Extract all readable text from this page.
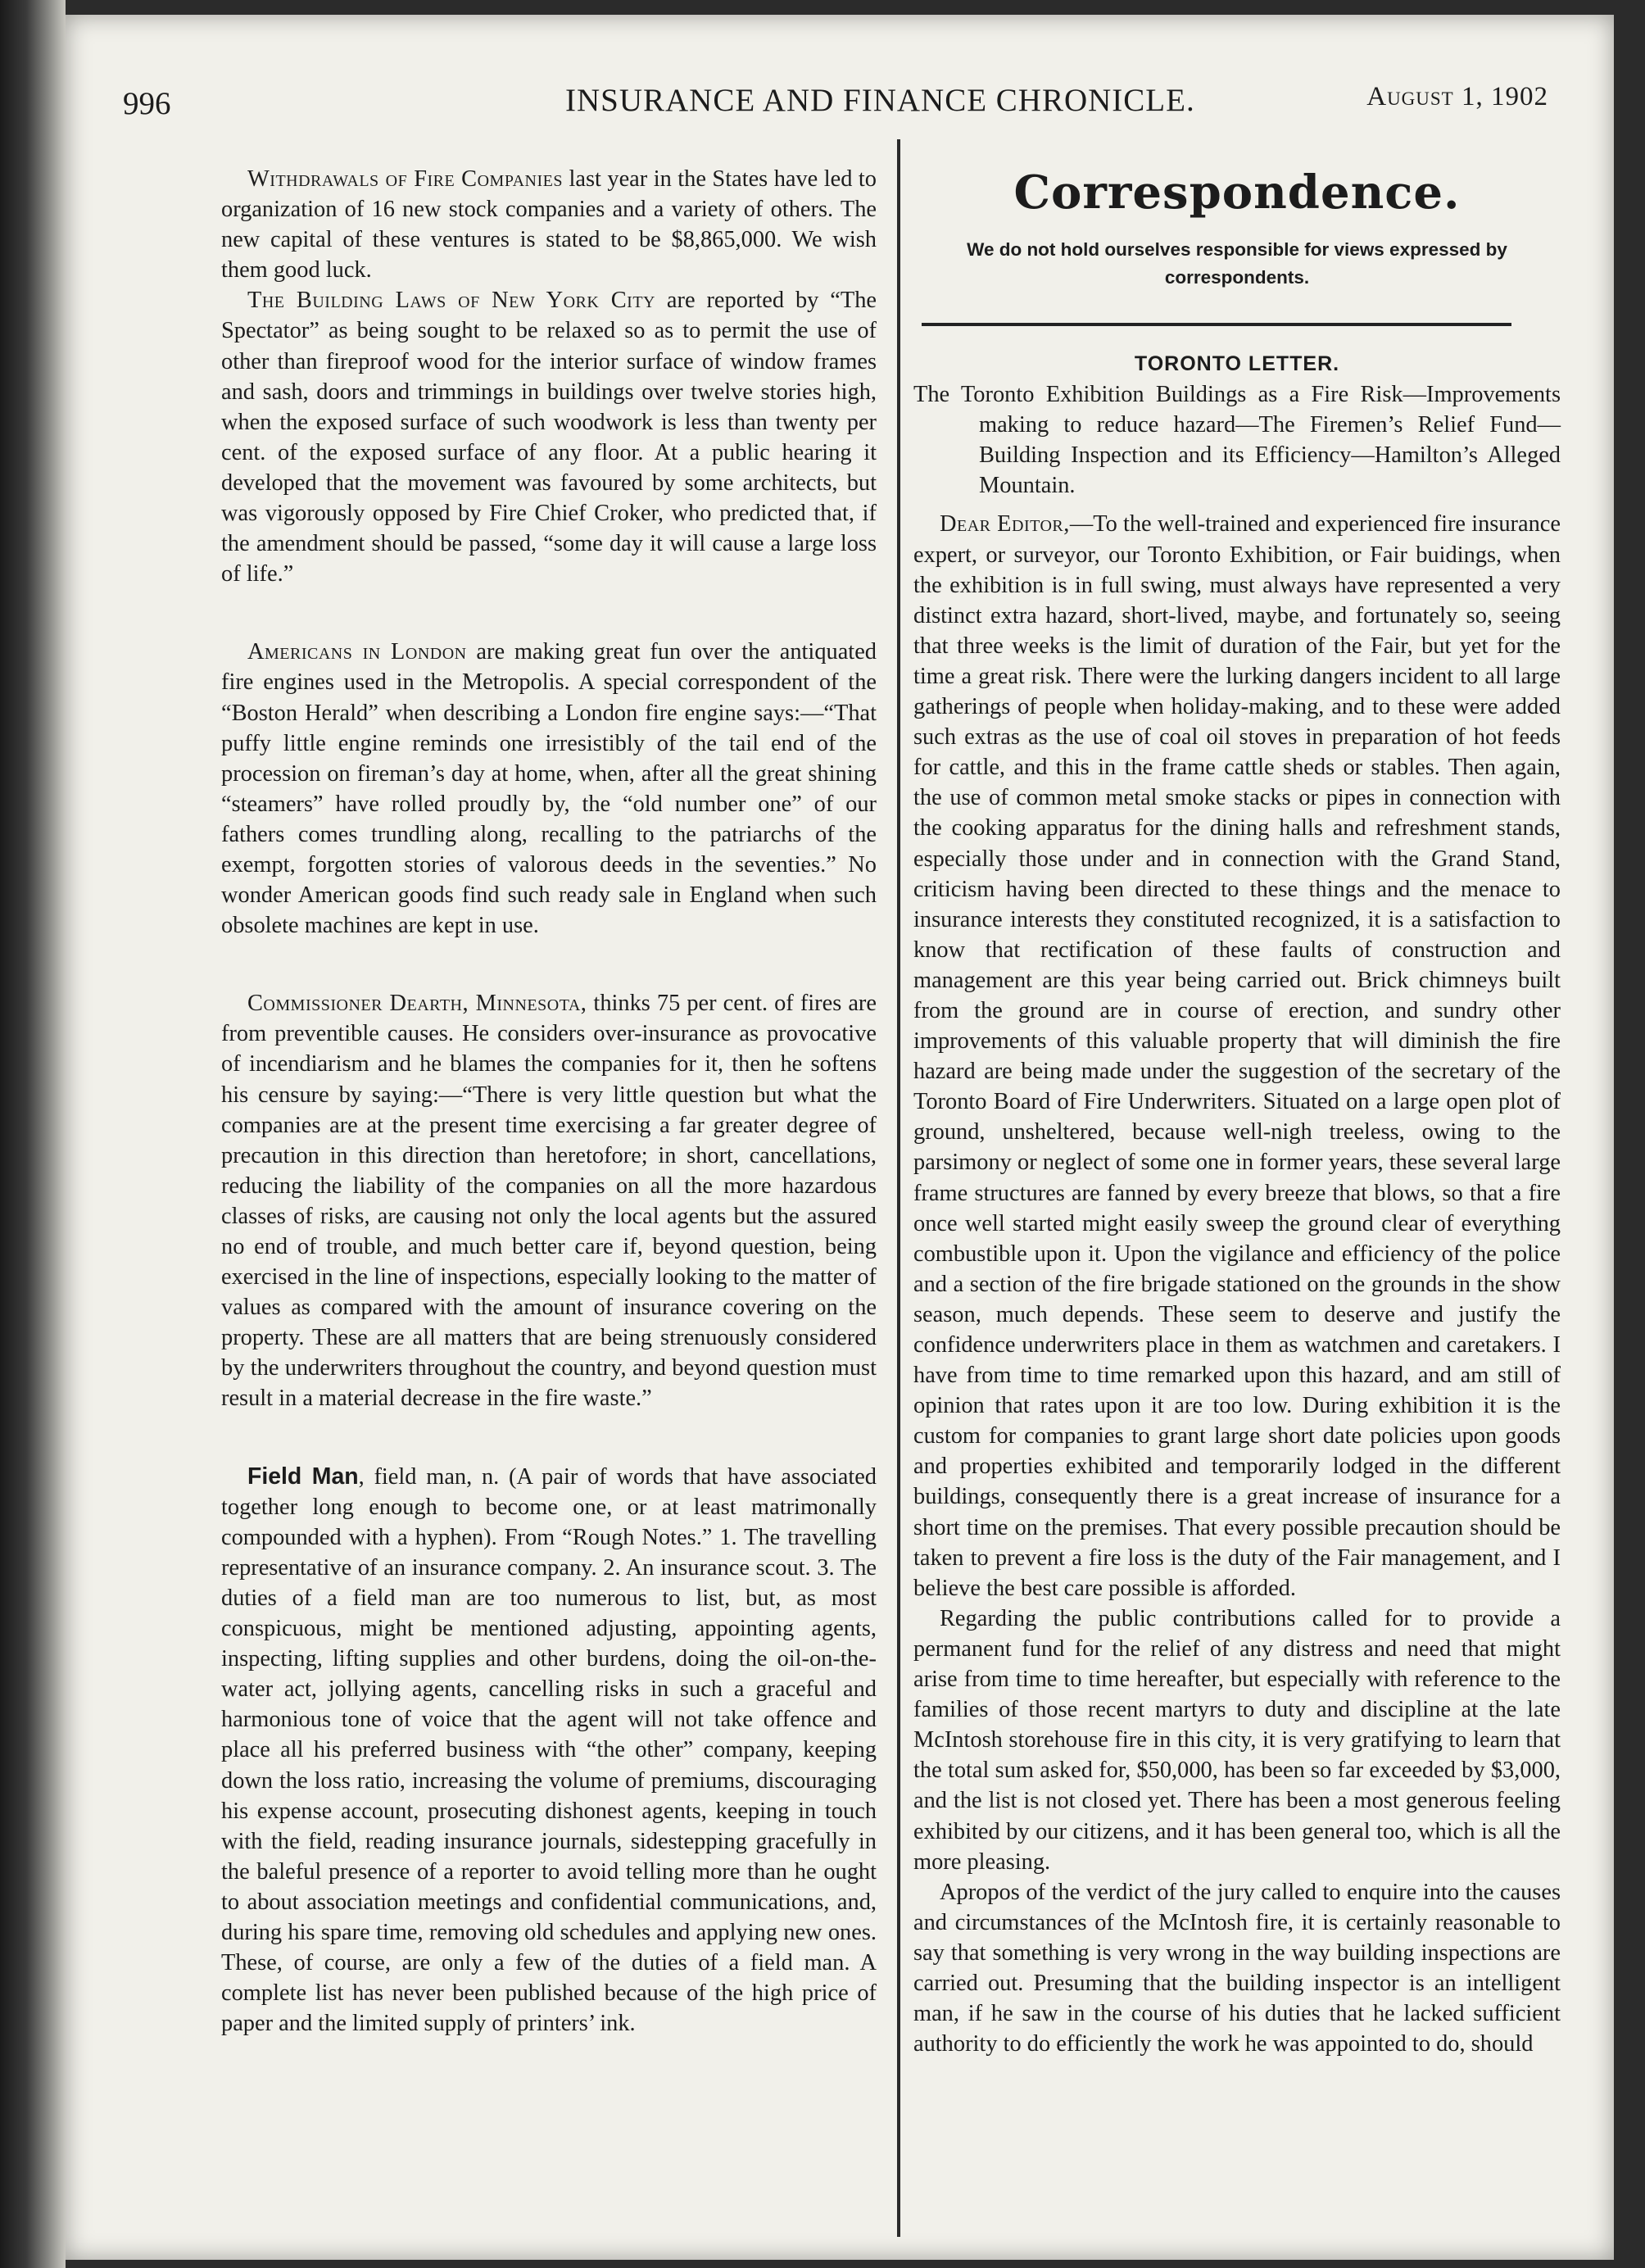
996	INSURANCE AND FINANCE CHRONICLE.	August 1, 1902

Withdrawals of Fire Companies last year in the States have led to organization of 16 new stock companies and a variety of others. The new capital of these ventures is stated to be $8,865,000. We wish them good luck.

The Building Laws of New York City are reported by “The Spectator” as being sought to be relaxed so as to permit the use of other than fireproof wood for the interior surface of window frames and sash, doors and trimmings in buildings over twelve stories high, when the exposed surface of such woodwork is less than twenty per cent. of the exposed surface of any floor. At a public hearing it developed that the movement was favoured by some architects, but was vigorously opposed by Fire Chief Croker, who predicted that, if the amendment should be passed, “some day it will cause a large loss of life.”

Americans in London are making great fun over the antiquated fire engines used in the Metropolis. A special correspondent of the “Boston Herald” when describing a London fire engine says:—“That puffy little engine reminds one irresistibly of the tail end of the procession on fireman’s day at home, when, after all the great shining “steamers” have rolled proudly by, the “old number one” of our fathers comes trundling along, recalling to the patriarchs of the exempt, forgotten stories of valorous deeds in the seventies.” No wonder American goods find such ready sale in England when such obsolete machines are kept in use.

Commissioner Dearth, Minnesota, thinks 75 per cent. of fires are from preventible causes. He considers over-insurance as provocative of incendiarism and he blames the companies for it, then he softens his censure by saying:—“There is very little question but what the companies are at the present time exercising a far greater degree of precaution in this direction than heretofore; in short, cancellations, reducing the liability of the companies on all the more hazardous classes of risks, are causing not only the local agents but the assured no end of trouble, and much better care if, beyond question, being exercised in the line of inspections, especially looking to the matter of values as compared with the amount of insurance covering on the property. These are all matters that are being strenuously considered by the underwriters throughout the country, and beyond question must result in a material decrease in the fire waste.”

Field Man, field man, n. (A pair of words that have associated together long enough to become one, or at least matrimonally compounded with a hyphen). From “Rough Notes.” 1. The travelling representative of an insurance company. 2. An insurance scout. 3. The duties of a field man are too numerous to list, but, as most conspicuous, might be mentioned adjusting, appointing agents, inspecting, lifting supplies and other burdens, doing the oil-on-the-water act, jollying agents, cancelling risks in such a graceful and harmonious tone of voice that the agent will not take offence and place all his preferred business with “the other” company, keeping down the loss ratio, increasing the volume of premiums, discouraging his expense account, prosecuting dishonest agents, keeping in touch with the field, reading insurance journals, sidestepping gracefully in the baleful presence of a reporter to avoid telling more than he ought to about association meetings and confidential communications, and, during his spare time, removing old schedules and applying new ones. These, of course, are only a few of the duties of a field man. A complete list has never been published because of the high price of paper and the limited supply of printers’ ink.

Correspondence.
We do not hold ourselves responsible for views expressed by correspondents.
TORONTO LETTER.

The Toronto Exhibition Buildings as a Fire Risk—Improvements making to reduce hazard—The Firemen’s Relief Fund—Building Inspection and its Efficiency—Hamilton’s Alleged Mountain.

Dear Editor,—To the well-trained and experienced fire insurance expert, or surveyor, our Toronto Exhibition, or Fair buidings, when the exhibition is in full swing, must always have represented a very distinct extra hazard, short-lived, maybe, and fortunately so, seeing that three weeks is the limit of duration of the Fair, but yet for the time a great risk. There were the lurking dangers incident to all large gatherings of people when holiday-making, and to these were added such extras as the use of coal oil stoves in preparation of hot feeds for cattle, and this in the frame cattle sheds or stables. Then again, the use of common metal smoke stacks or pipes in connection with the cooking apparatus for the dining halls and refreshment stands, especially those under and in connection with the Grand Stand, criticism having been directed to these things and the menace to insurance interests they constituted recognized, it is a satisfaction to know that rectification of these faults of construction and management are this year being carried out. Brick chimneys built from the ground are in course of erection, and sundry other improvements of this valuable property that will diminish the fire hazard are being made under the suggestion of the secretary of the Toronto Board of Fire Underwriters. Situated on a large open plot of ground, unsheltered, because well-nigh treeless, owing to the parsimony or neglect of some one in former years, these several large frame structures are fanned by every breeze that blows, so that a fire once well started might easily sweep the ground clear of everything combustible upon it. Upon the vigilance and efficiency of the police and a section of the fire brigade stationed on the grounds in the show season, much depends. These seem to deserve and justify the confidence underwriters place in them as watchmen and caretakers. I have from time to time remarked upon this hazard, and am still of opinion that rates upon it are too low. During exhibition it is the custom for companies to grant large short date policies upon goods and properties exhibited and temporarily lodged in the different buildings, consequently there is a great increase of insurance for a short time on the premises. That every possible precaution should be taken to prevent a fire loss is the duty of the Fair management, and I believe the best care possible is afforded.

Regarding the public contributions called for to provide a permanent fund for the relief of any distress and need that might arise from time to time hereafter, but especially with reference to the families of those recent martyrs to duty and discipline at the late McIntosh storehouse fire in this city, it is very gratifying to learn that the total sum asked for, $50,000, has been so far exceeded by $3,000, and the list is not closed yet. There has been a most generous feeling exhibited by our citizens, and it has been general too, which is all the more pleasing.

Apropos of the verdict of the jury called to enquire into the causes and circumstances of the McIntosh fire, it is certainly reasonable to say that something is very wrong in the way building inspections are carried out. Presuming that the building inspector is an intelligent man, if he saw in the course of his duties that he lacked sufficient authority to do efficiently the work he was appointed to do, should
